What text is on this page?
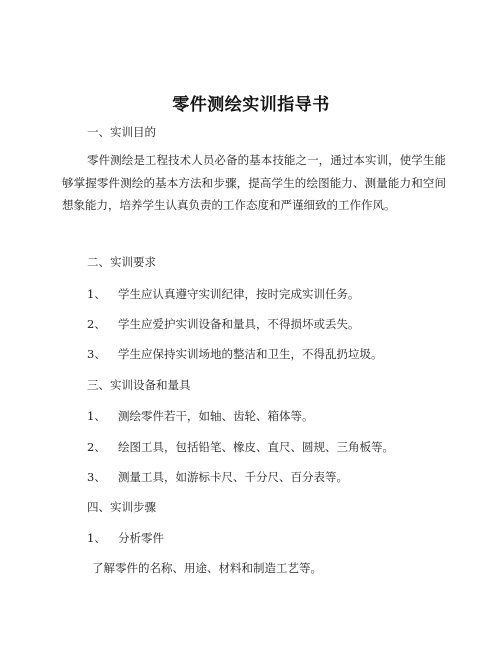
零件测绘实训指导书
一、实训目的
零件测绘是工程技术人员必备的基本技能之一，通过本实训，使学生能够掌握零件测绘的基本方法和步骤，提高学生的绘图能力、测量能力和空间想象能力，培养学生认真负责的工作态度和严谨细致的工作作风。
二、实训要求
1、 学生应认真遵守实训纪律，按时完成实训任务。
2、 学生应爱护实训设备和量具，不得损坏或丢失。
3、 学生应保持实训场地的整洁和卫生，不得乱扔垃圾。
三、实训设备和量具
1、 测绘零件若干，如轴、齿轮、箱体等。
2、 绘图工具，包括铅笔、橡皮、直尺、圆规、三角板等。
3、 测量工具，如游标卡尺、千分尺、百分表等。
四、实训步骤
1、 分析零件
了解零件的名称、用途、材料和制造工艺等。
